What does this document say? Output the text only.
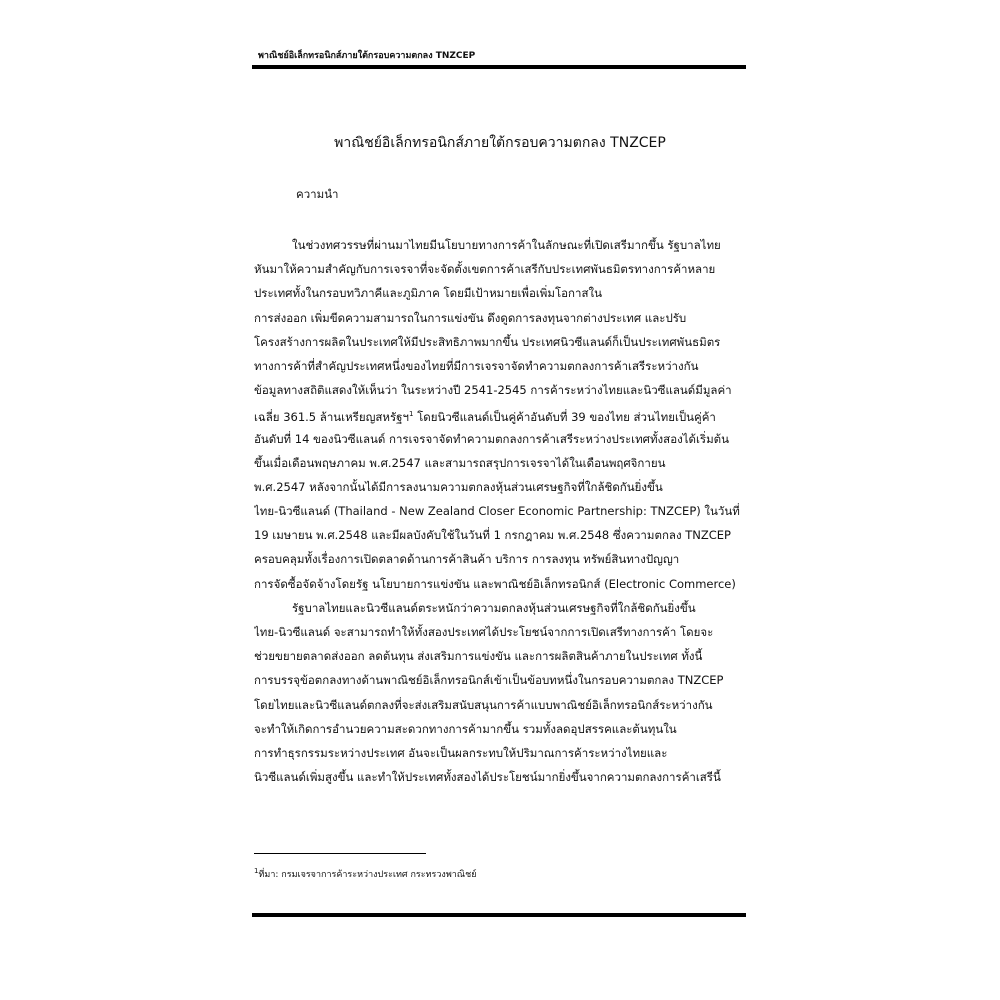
พาณิชย์อิเล็กทรอนิกส์ภายใต้กรอบความตกลง TNZCEP
พาณิชย์อิเล็กทรอนิกส์ภายใต้กรอบความตกลง TNZCEP
ความนำ
ในช่วงทศวรรษที่ผ่านมาไทยมีนโยบายทางการค้าในลักษณะที่เปิดเสรีมากขึ้น รัฐบาลไทย
หันมาให้ความสำคัญกับการเจรจาที่จะจัดตั้งเขตการค้าเสรีกับประเทศพันธมิตรทางการค้าหลาย
ประเทศทั้งในกรอบทวิภาคีและภูมิภาค โดยมีเป้าหมายเพื่อเพิ่มโอกาสใน
การส่งออก เพิ่มขีดความสามารถในการแข่งขัน ดึงดูดการลงทุนจากต่างประเทศ และปรับ
โครงสร้างการผลิตในประเทศให้มีประสิทธิภาพมากขึ้น ประเทศนิวซีแลนด์ก็เป็นประเทศพันธมิตร
ทางการค้าที่สำคัญประเทศหนึ่งของไทยที่มีการเจรจาจัดทำความตกลงการค้าเสรีระหว่างกัน
ข้อมูลทางสถิติแสดงให้เห็นว่า ในระหว่างปี 2541-2545 การค้าระหว่างไทยและนิวซีแลนด์มีมูลค่า
เฉลี่ย 361.5 ล้านเหรียญสหรัฐฯ$^1$ โดยนิวซีแลนด์เป็นคู่ค้าอันดับที่ 39 ของไทย ส่วนไทยเป็นคู่ค้า
อันดับที่ 14 ของนิวซีแลนด์ การเจรจาจัดทำความตกลงการค้าเสรีระหว่างประเทศทั้งสองได้เริ่มต้น
ขึ้นเมื่อเดือนพฤษภาคม พ.ศ.2547 และสามารถสรุปการเจรจาได้ในเดือนพฤศจิกายน
พ.ศ.2547 หลังจากนั้นได้มีการลงนามความตกลงหุ้นส่วนเศรษฐกิจที่ใกล้ชิดกันยิ่งขึ้น
ไทย-นิวซีแลนด์ (Thailand - New Zealand Closer Economic Partnership: TNZCEP) ในวันที่
19 เมษายน พ.ศ.2548 และมีผลบังคับใช้ในวันที่ 1 กรกฎาคม พ.ศ.2548 ซึ่งความตกลง TNZCEP
ครอบคลุมทั้งเรื่องการเปิดตลาดด้านการค้าสินค้า บริการ การลงทุน ทรัพย์สินทางปัญญา
การจัดซื้อจัดจ้างโดยรัฐ นโยบายการแข่งขัน และพาณิชย์อิเล็กทรอนิกส์ (Electronic Commerce)
รัฐบาลไทยและนิวซีแลนด์ตระหนักว่าความตกลงหุ้นส่วนเศรษฐกิจที่ใกล้ชิดกันยิ่งขึ้น
ไทย-นิวซีแลนด์ จะสามารถทำให้ทั้งสองประเทศได้ประโยชน์จากการเปิดเสรีทางการค้า โดยจะ
ช่วยขยายตลาดส่งออก ลดต้นทุน ส่งเสริมการแข่งขัน และการผลิตสินค้าภายในประเทศ ทั้งนี้
การบรรจุข้อตกลงทางด้านพาณิชย์อิเล็กทรอนิกส์เข้าเป็นข้อบทหนึ่งในกรอบความตกลง TNZCEP
โดยไทยและนิวซีแลนด์ตกลงที่จะส่งเสริมสนับสนุนการค้าแบบพาณิชย์อิเล็กทรอนิกส์ระหว่างกัน
จะทำให้เกิดการอำนวยความสะดวกทางการค้ามากขึ้น รวมทั้งลดอุปสรรคและต้นทุนใน
การทำธุรกรรมระหว่างประเทศ อันจะเป็นผลกระทบให้ปริมาณการค้าระหว่างไทยและ
นิวซีแลนด์เพิ่มสูงขึ้น และทำให้ประเทศทั้งสองได้ประโยชน์มากยิ่งขึ้นจากความตกลงการค้าเสรีนี้
$^1$ที่มา: กรมเจรจาการค้าระหว่างประเทศ กระทรวงพาณิชย์
